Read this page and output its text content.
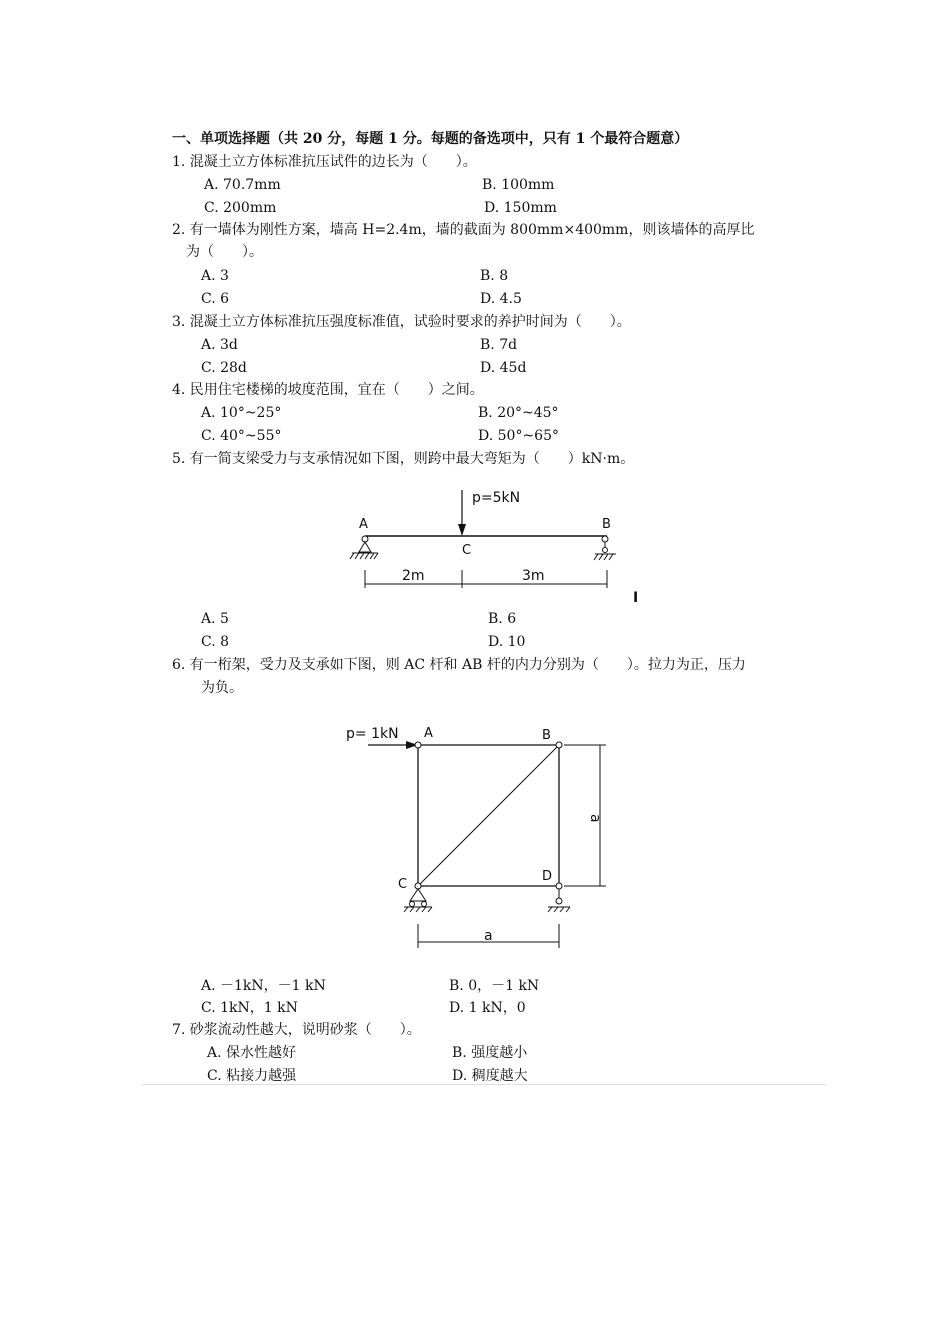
一、单项选择题（共 20 分，每题 1 分。每题的备选项中，只有 1 个最符合题意）
1. 混凝土立方体标准抗压试件的边长为（　　）。
A. 70.7mm	B. 100mm
C. 200mm	D. 150mm
2. 有一墙体为刚性方案，墙高 H=2.4m，墙的截面为 800mm×400mm，则该墙体的高厚比
为（　　）。
A. 3	B. 8
C. 6	D. 4.5
3. 混凝土立方体标准抗压强度标准值，试验时要求的养护时间为（　　）。
A. 3d	B. 7d
C. 28d	D. 45d
4. 民用住宅楼梯的坡度范围，宜在（　　）之间。
A. 10°~25°	B. 20°~45°
C. 40°~55°	D. 50°~65°
5. 有一简支梁受力与支承情况如下图，则跨中最大弯矩为（　　）kN·m。
p=5kN
A	B
C
2m	3m
I
A. 5	B. 6
C. 8	D. 10
6. 有一桁架，受力及支承如下图，则 AC 杆和 AB 杆的内力分别为（　　）。拉力为正，压力
为负。
p= 1kN A	B
C
D
a
a
A. －1kN，－1 kN	B. 0，－1 kN
C. 1kN，1 kN	D. 1 kN，0
7. 砂浆流动性越大，说明砂浆（　　）。
A. 保水性越好	B. 强度越小
C. 粘接力越强	D. 稠度越大
